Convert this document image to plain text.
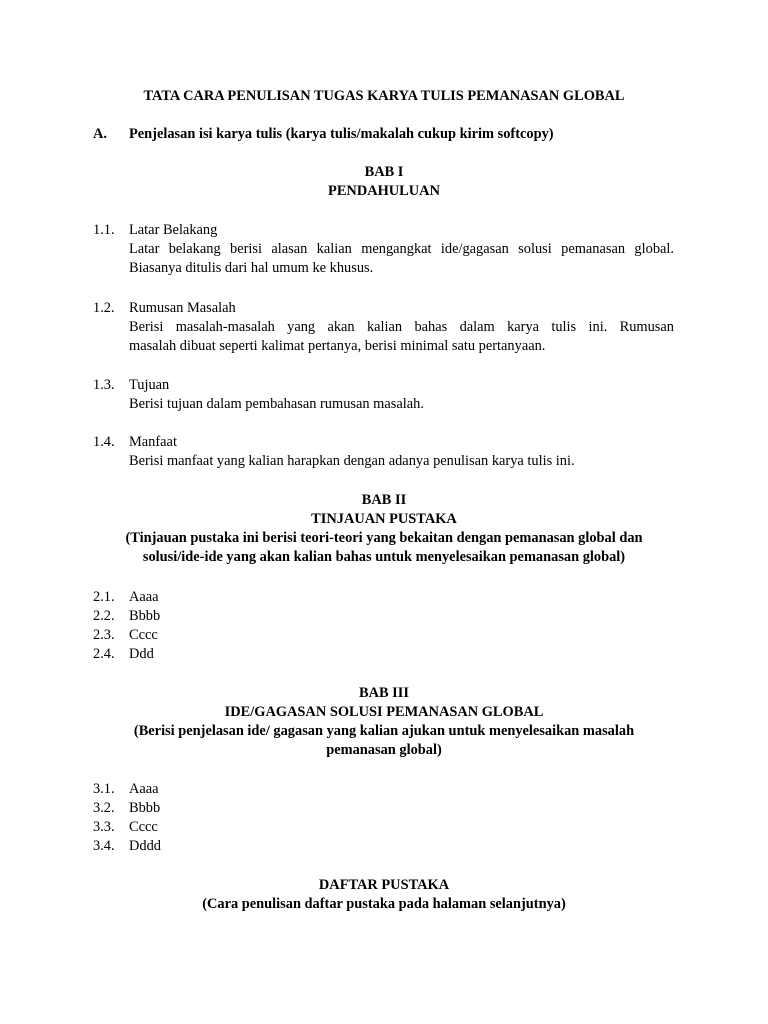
TATA CARA PENULISAN TUGAS KARYA TULIS PEMANASAN GLOBAL
A. Penjelasan isi karya tulis (karya tulis/makalah cukup kirim softcopy)
BAB I
PENDAHULUAN
1.1. Latar Belakang
Latar belakang berisi alasan kalian mengangkat ide/gagasan solusi pemanasan global.
Biasanya ditulis dari hal umum ke khusus.
1.2. Rumusan Masalah
Berisi masalah-masalah yang akan kalian bahas dalam karya tulis ini. Rumusan
masalah dibuat seperti kalimat pertanya, berisi minimal satu pertanyaan.
1.3. Tujuan
Berisi tujuan dalam pembahasan rumusan masalah.
1.4. Manfaat
Berisi manfaat yang kalian harapkan dengan adanya penulisan karya tulis ini.
BAB II
TINJAUAN PUSTAKA
(Tinjauan pustaka ini berisi teori-teori yang bekaitan dengan pemanasan global dan
solusi/ide-ide yang akan kalian bahas untuk menyelesaikan pemanasan global)
2.1. Aaaa
2.2. Bbbb
2.3. Cccc
2.4. Ddd
BAB III
IDE/GAGASAN SOLUSI PEMANASAN GLOBAL
(Berisi penjelasan ide/ gagasan yang kalian ajukan untuk menyelesaikan masalah
pemanasan global)
3.1. Aaaa
3.2. Bbbb
3.3. Cccc
3.4. Dddd
DAFTAR PUSTAKA
(Cara penulisan daftar pustaka pada halaman selanjutnya)
